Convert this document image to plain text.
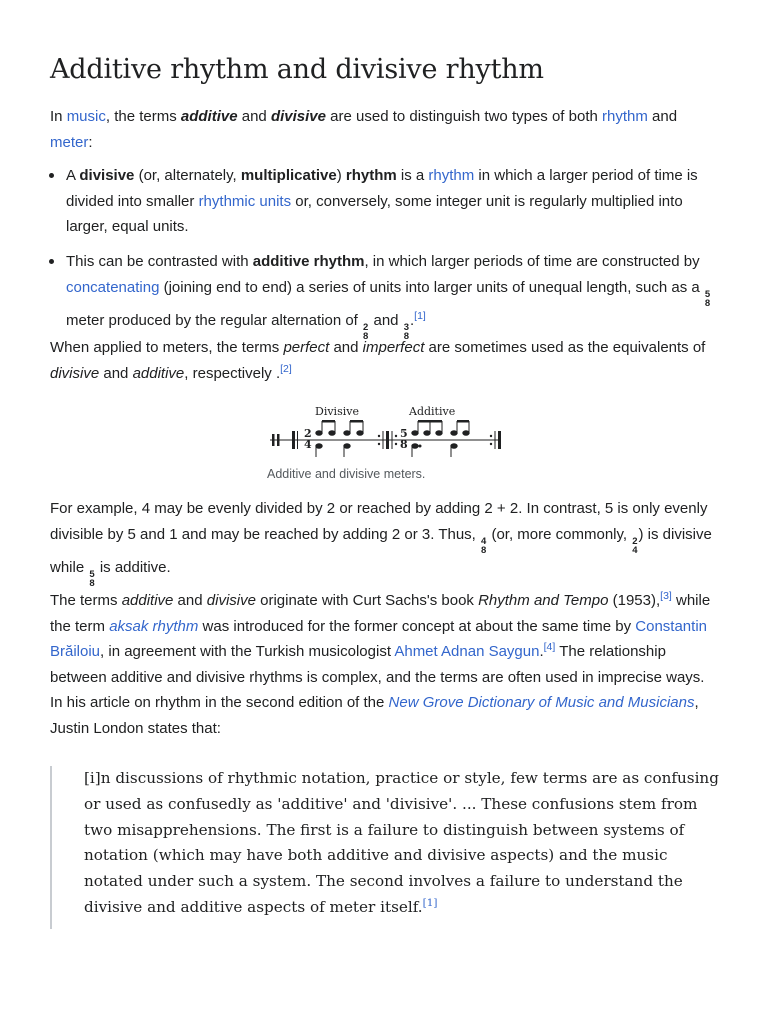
Additive rhythm and divisive rhythm
In music, the terms additive and divisive are used to distinguish two types of both rhythm and meter:
A divisive (or, alternately, multiplicative) rhythm is a rhythm in which a larger period of time is divided into smaller rhythmic units or, conversely, some integer unit is regularly multiplied into larger, equal units.
This can be contrasted with additive rhythm, in which larger periods of time are constructed by concatenating (joining end to end) a series of units into larger units of unequal length, such as a 5
8
meter produced by the regular alternation of 2
8
and 3
8
.[1]
When applied to meters, the terms perfect and imperfect are sometimes used as the equivalents of divisive and additive, respectively .[2]
Divisive	Additive
2
4
5
8
Additive and divisive meters.
For example, 4 may be evenly divided by 2 or reached by adding 2 + 2. In contrast, 5 is only evenly divisible by 5 and 1 and may be reached by adding 2 or 3. Thus, 4
8
(or, more commonly, 2
4
) is divisive while 5
8
is additive.
The terms additive and divisive originate with Curt Sachs's book Rhythm and Tempo (1953),[3] while the term aksak rhythm was introduced for the former concept at about the same time by Constantin Brăiloiu, in agreement with the Turkish musicologist Ahmet Adnan Saygun.[4] The relationship between additive and divisive rhythms is complex, and the terms are often used in imprecise ways. In his article on rhythm in the second edition of the New Grove Dictionary of Music and Musicians, Justin London states that:
[i]n discussions of rhythmic notation, practice or style, few terms are as confusing or used as confusedly as 'additive' and 'divisive'. ... These confusions stem from two misapprehensions. The first is a failure to distinguish between systems of notation (which may have both additive and divisive aspects) and the music notated under such a system. The second involves a failure to understand the divisive and additive aspects of meter itself.[1]
